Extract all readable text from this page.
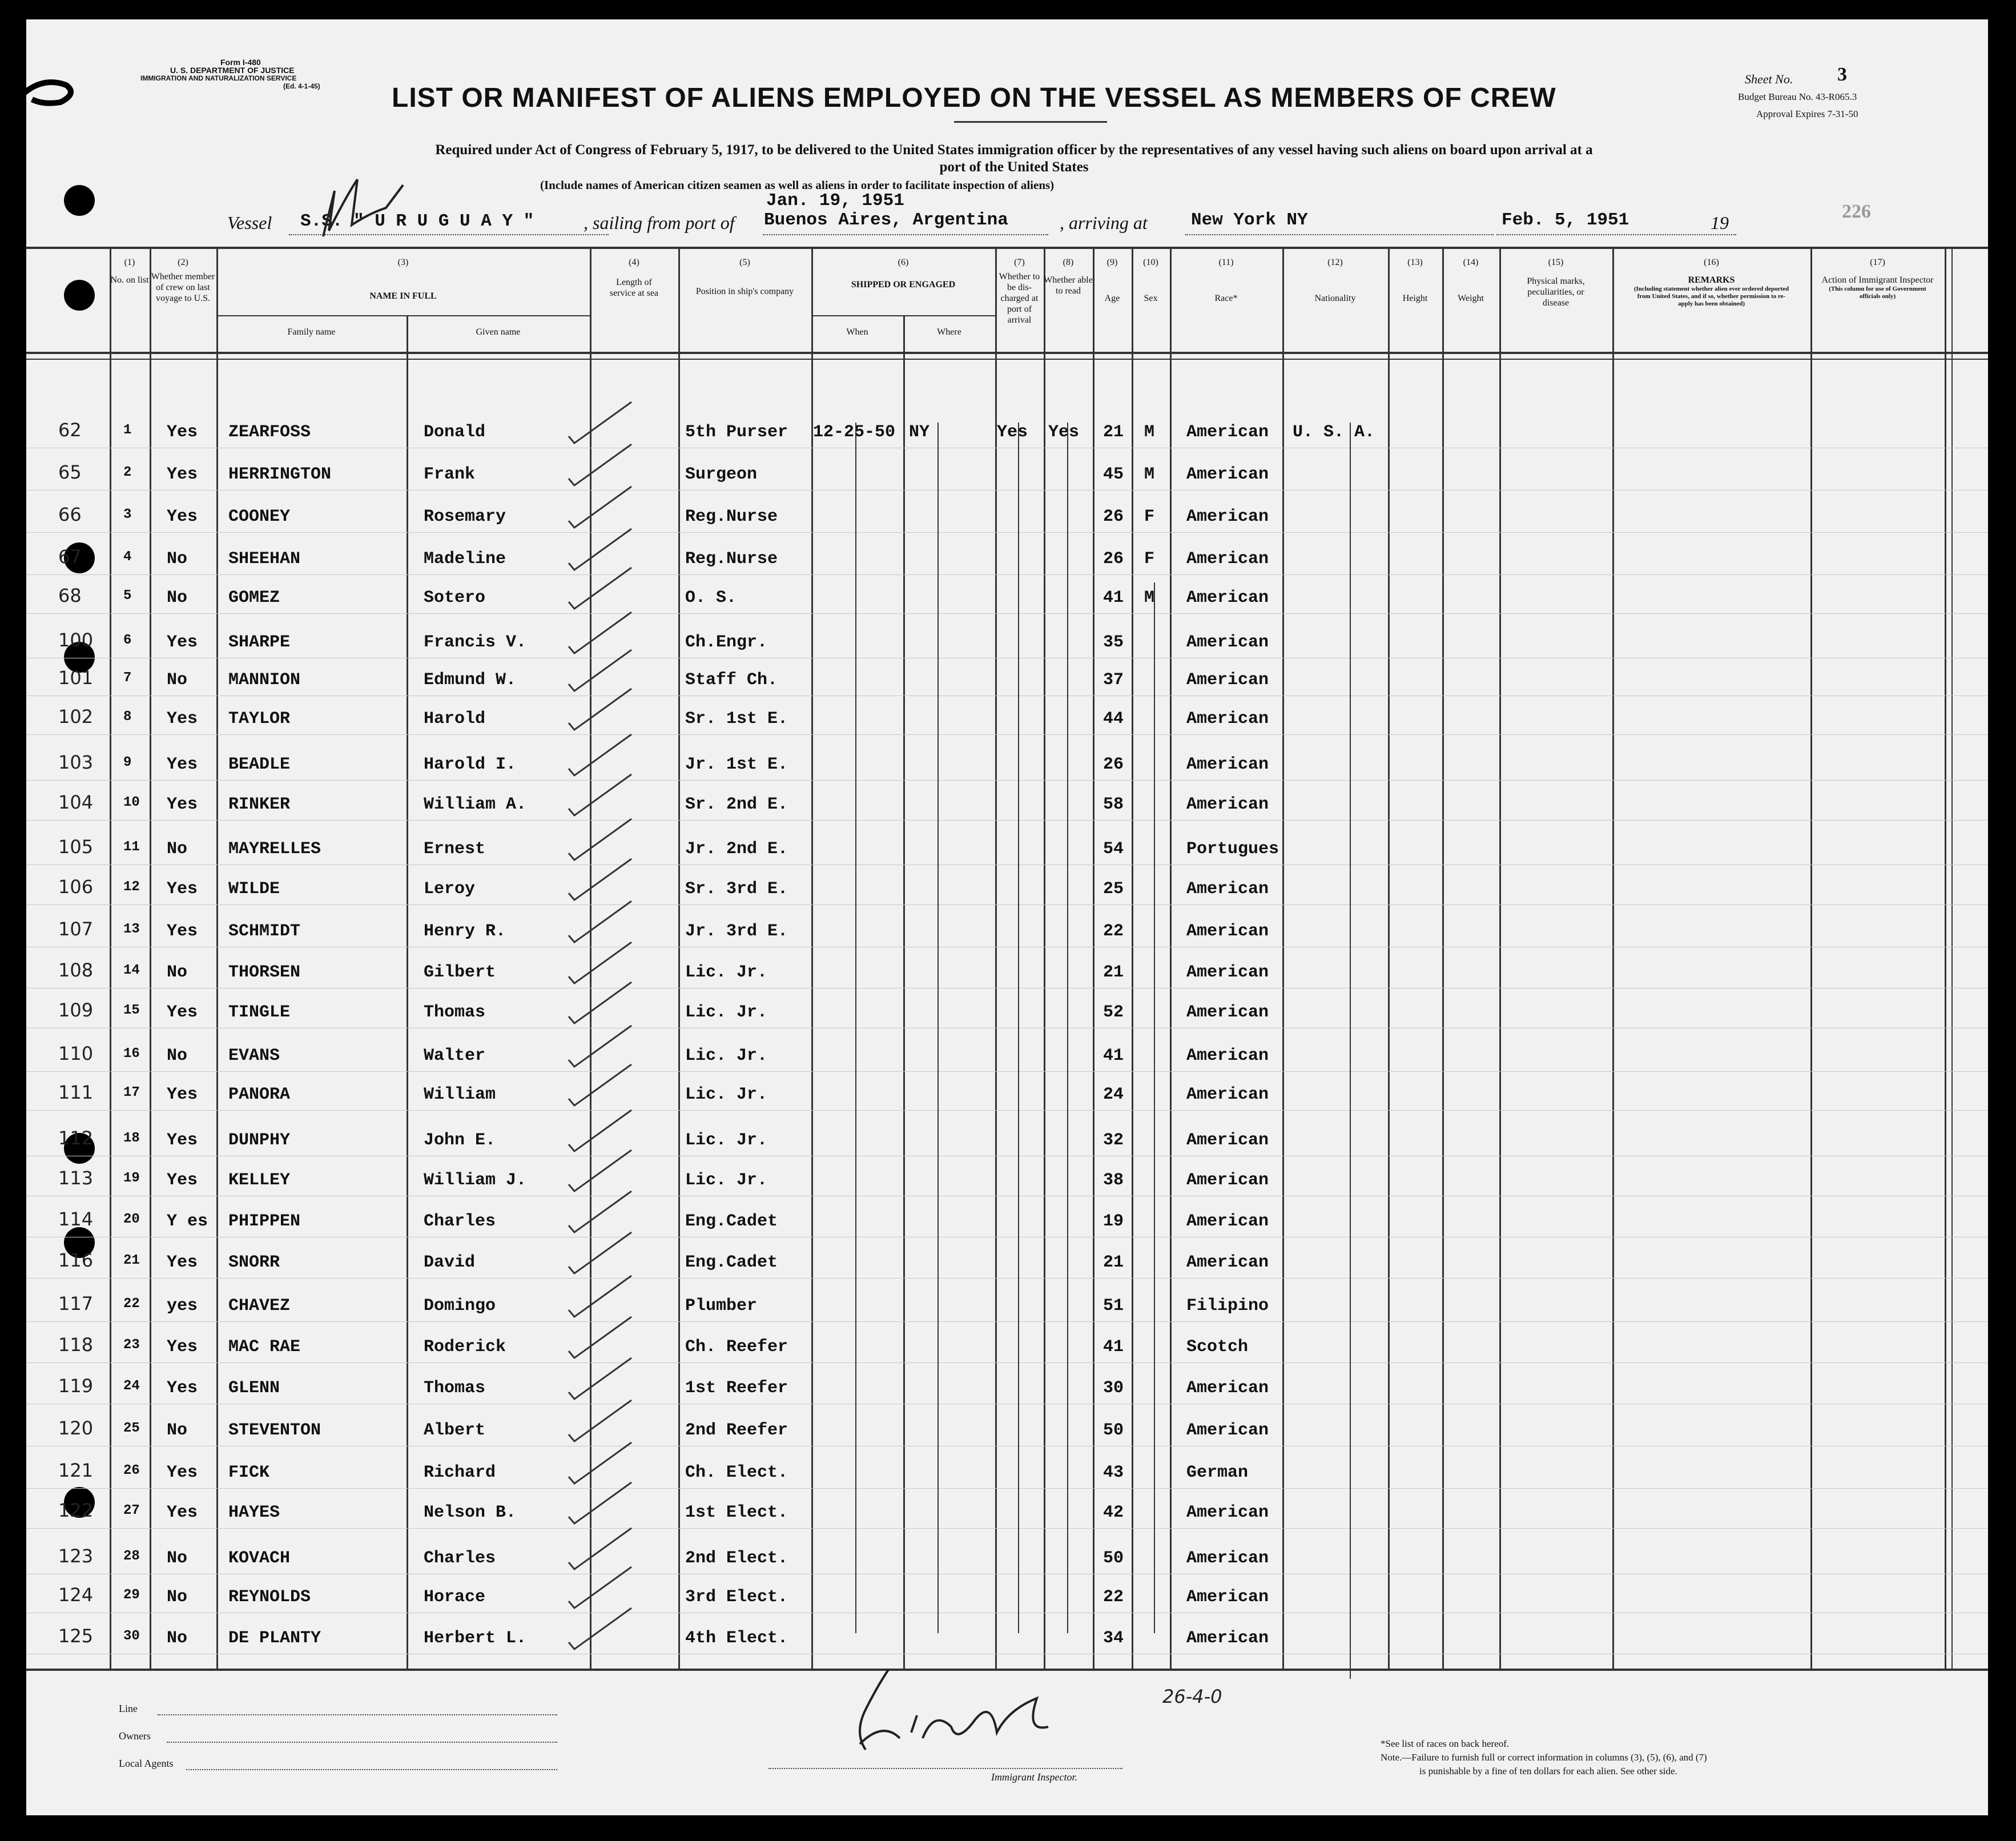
Form I-480
U. S. DEPARTMENT OF JUSTICE
IMMIGRATION AND NATURALIZATION SERVICE
(Ed. 4-1-45)	Sheet No. 3
Budget Bureau No. 43-R065.3
Approval Expires 7-31-50
226
LIST OR MANIFEST OF ALIENS EMPLOYED ON THE VESSEL AS MEMBERS OF CREW
Required under Act of Congress of February 5, 1917, to be delivered to the United States immigration officer by the representatives of any vessel having such aliens on board upon arrival at a
port of the United States
(Include names of American citizen seamen as well as aliens in order to facilitate inspection of aliens)
Vessel S.S. " U R U G U A Y "	, sailing from port of
Jan. 19, 1951
Buenos Aires, Argentina	, arriving at New York NY	Feb. 5, 1951	19
(1)
No. on list
(2)
Whether member of crew on last voyage to U.S.
(3)
NAME IN FULL
Family name	Given name
(4)
Length of service at sea
(5)
Position in ship's company
(6)
SHIPPED OR ENGAGED
When	Where
(7)
Whether to be dis-charged at port of arrival
(8)
Whether able to read
(9)
Age
(10)
Sex
(11)
Race*
(12)
Nationality
(13)
Height
(14)
Weight
(15)
Physical marks, peculiarities, or disease
(16)
REMARKS
(Including statement whether alien ever ordered deported from United States, and if so, whether permission to re-apply has been obtained)
(17)
Action of Immigrant Inspector
(This column for use of Government officials only)
62	1 Yes ZEARFOSS	Donald	5th Purser 12-25-50 NY	Yes Yes 21 M American U. S. A.
65	2 Yes HERRINGTON	Frank	Surgeon	45 M American
66	3 Yes COONEY	Rosemary	Reg.Nurse	26 F American
67	4 No SHEEHAN	Madeline	Reg.Nurse	26 F American
68	5 No GOMEZ	Sotero	O. S.	41 M American
100 6 Yes SHARPE	Francis V.	Ch.Engr.	35	American
101 7 No MANNION	Edmund W.	Staff Ch.	37	American
102 8 Yes TAYLOR	Harold	Sr. 1st E.	44	American
103 9 Yes BEADLE	Harold I.	Jr. 1st E.	26	American
104 10 Yes RINKER	William A.	Sr. 2nd E.	58	American
105 11 No MAYRELLES	Ernest	Jr. 2nd E.	54	Portugues
106 12 Yes WILDE	Leroy	Sr. 3rd E.	25	American
107 13 Yes SCHMIDT	Henry R.	Jr. 3rd E.	22	American
108 14 No THORSEN	Gilbert	Lic. Jr.	21	American
109 15 Yes TINGLE	Thomas	Lic. Jr.	52	American
110 16 No EVANS	Walter	Lic. Jr.	41	American
111 17 Yes PANORA	William	Lic. Jr.	24	American
112 18 Yes DUNPHY	John E.	Lic. Jr.	32	American
113 19 Yes KELLEY	William J.	Lic. Jr.	38	American
114 20 Y es PHIPPEN	Charles	Eng.Cadet	19	American
116 21 Yes SNORR	David	Eng.Cadet	21	American
117 22 yes CHAVEZ	Domingo	Plumber	51	Filipino
118 23 Yes MAC RAE	Roderick	Ch. Reefer	41	Scotch
119 24 Yes GLENN	Thomas	1st Reefer	30	American
120 25 No STEVENTON	Albert	2nd Reefer	50	American
121 26 Yes FICK	Richard	Ch. Elect.	43	German
122 27 Yes HAYES	Nelson B.	1st Elect.	42	American
123 28 No KOVACH	Charles	2nd Elect.	50	American
124 29 No REYNOLDS	Horace	3rd Elect.	22	American
125 30 No DE PLANTY	Herbert L.	4th Elect.	34	American
26-4-0
Line
Owners
Local Agents
Immigrant Inspector.
*See list of races on back hereof.
Note.—Failure to furnish full or correct information in columns (3), (5), (6), and (7)
is punishable by a fine of ten dollars for each alien. See other side.
